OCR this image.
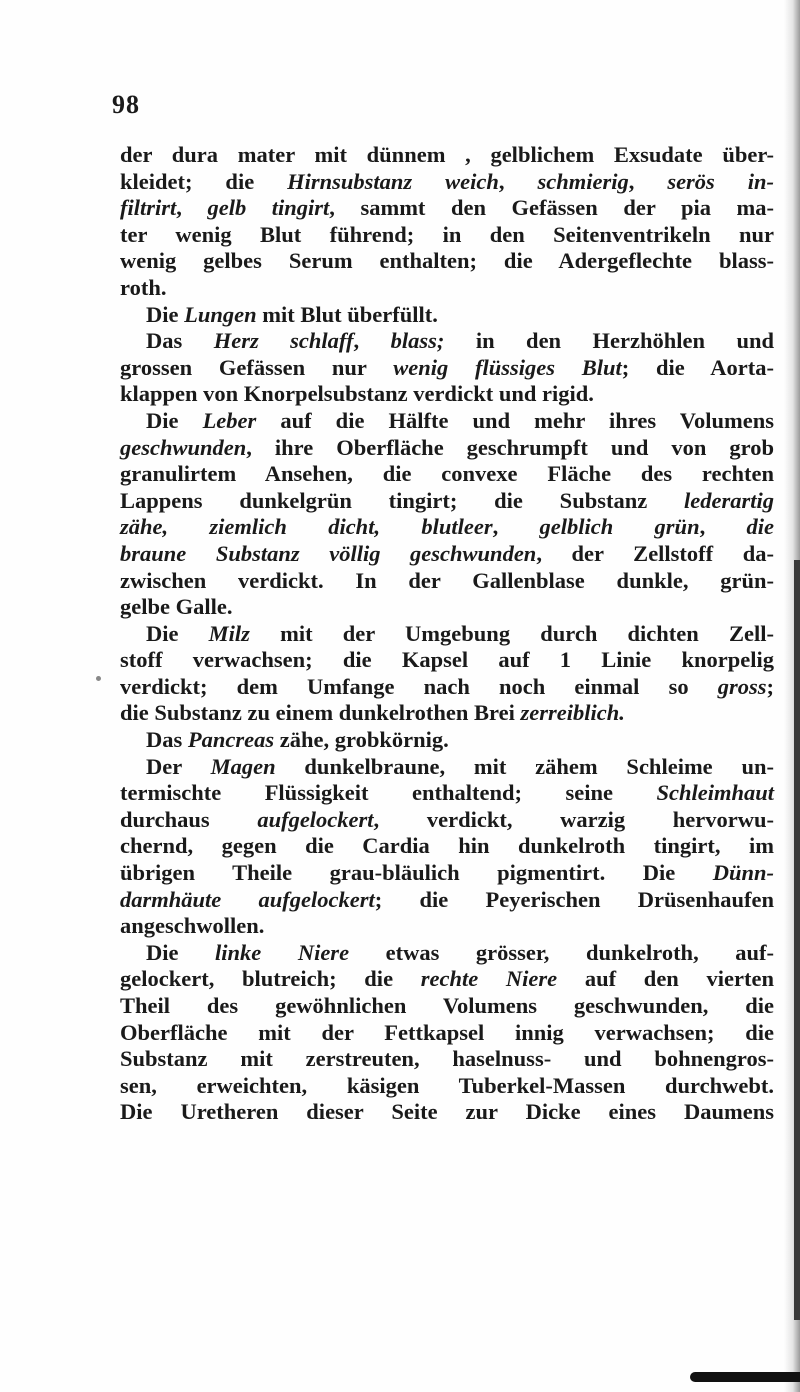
98
der dura mater mit dünnem , gelblichem Exsudate über-
kleidet; die Hirnsubstanz weich, schmierig, serös in-
filtrirt, gelb tingirt, sammt den Gefässen der pia ma-
ter wenig Blut führend; in den Seitenventrikeln nur
wenig gelbes Serum enthalten; die Adergeflechte blass-
roth.
Die Lungen mit Blut überfüllt.
Das Herz schlaff, blass; in den Herzhöhlen und
grossen Gefässen nur wenig flüssiges Blut; die Aorta-
klappen von Knorpelsubstanz verdickt und rigid.
Die Leber auf die Hälfte und mehr ihres Volumens
geschwunden, ihre Oberfläche geschrumpft und von grob
granulirtem Ansehen, die convexe Fläche des rechten
Lappens dunkelgrün tingirt; die Substanz lederartig
zähe, ziemlich dicht, blutleer, gelblich grün, die
braune Substanz völlig geschwunden, der Zellstoff da-
zwischen verdickt. In der Gallenblase dunkle, grün-
gelbe Galle.
Die Milz mit der Umgebung durch dichten Zell-
stoff verwachsen; die Kapsel auf 1 Linie knorpelig
verdickt; dem Umfange nach noch einmal so gross;
die Substanz zu einem dunkelrothen Brei zerreiblich.
Das Pancreas zähe, grobkörnig.
Der Magen dunkelbraune, mit zähem Schleime un-
termischte Flüssigkeit enthaltend; seine Schleimhaut
durchaus aufgelockert, verdickt, warzig hervorwu-
chernd, gegen die Cardia hin dunkelroth tingirt, im
übrigen Theile grau-bläulich pigmentirt. Die Dünn-
darmhäute aufgelockert; die Peyerischen Drüsenhaufen
angeschwollen.
Die linke Niere etwas grösser, dunkelroth, auf-
gelockert, blutreich; die rechte Niere auf den vierten
Theil des gewöhnlichen Volumens geschwunden, die
Oberfläche mit der Fettkapsel innig verwachsen; die
Substanz mit zerstreuten, haselnuss- und bohnengros-
sen, erweichten, käsigen Tuberkel-Massen durchwebt.
Die Uretheren dieser Seite zur Dicke eines Daumens
